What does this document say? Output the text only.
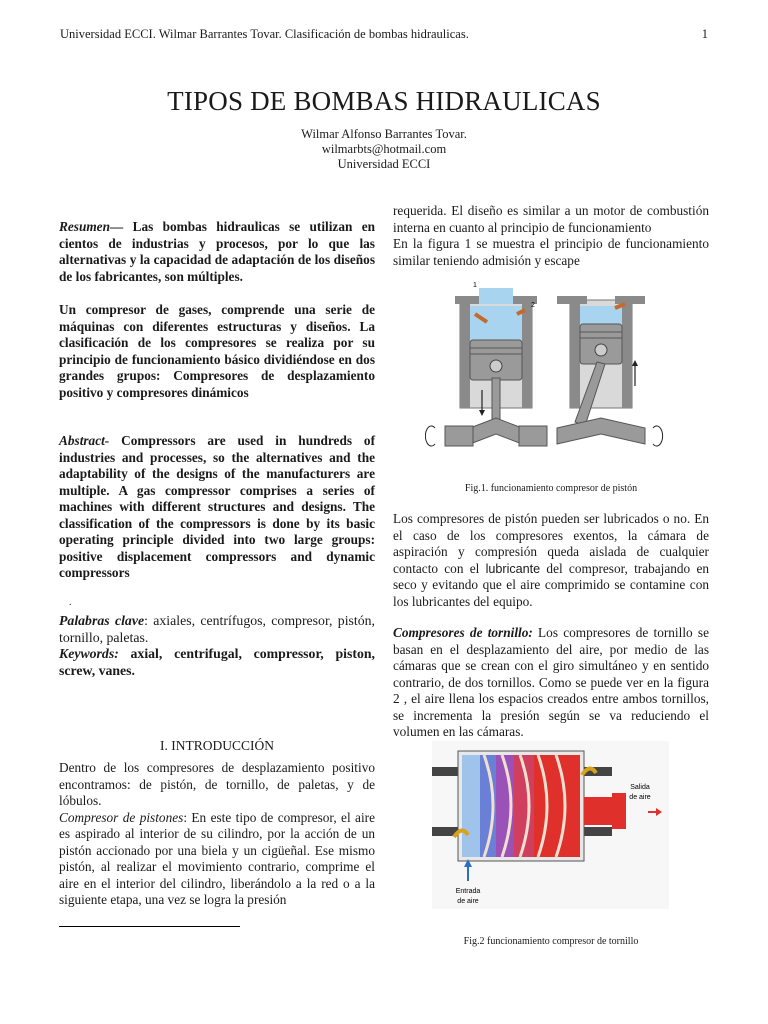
Universidad ECCI. Wilmar Barrantes Tovar. Clasificación de bombas hidraulicas.	1
TIPOS DE BOMBAS HIDRAULICAS
Wilmar Alfonso Barrantes Tovar.
wilmarbts@hotmail.com
Universidad ECCI

Resumen— Las bombas hidraulicas se utilizan en cientos de industrias y procesos, por lo que las alternativas y la capacidad de adaptación de los diseños de los fabricantes, son múltiples.

Un compresor de gases, comprende una serie de máquinas con diferentes estructuras y diseños. La clasificación de los compresores se realiza por su principio de funcionamiento básico dividiéndose en dos grandes grupos: Compresores de desplazamiento positivo y compresores dinámicos

Abstract- Compressors are used in hundreds of industries and processes, so the alternatives and the adaptability of the designs of the manufacturers are multiple. A gas compressor comprises a series of machines with different structures and designs. The classification of the compressors is done by its basic operating principle divided into two large groups: positive displacement compressors and dynamic compressors

.

Palabras clave: axiales, centrífugos, compresor, pistón, tornillo, paletas.

Keywords: axial, centrifugal, compressor, piston, screw, vanes.

I. INTRODUCCIÓN

Dentro de los compresores de desplazamiento positivo encontramos: de pistón, de tornillo, de paletas, y de lóbulos.

Compresor de pistones: En este tipo de compresor, el aire es aspirado al interior de su cilindro, por la acción de un pistón accionado por una biela y un cigüeñal. Ese mismo pistón, al realizar el movimiento contrario, comprime el aire en el interior del cilindro, liberándolo a la red o a la siguiente etapa, una vez se logra la presión

requerida. El diseño es similar a un motor de combustión interna en cuanto al principio de funcionamiento

En la figura 1 se muestra el principio de funcionamiento similar teniendo admisión y escape

1
2
Fig.1. funcionamiento compresor de pistón

Los compresores de pistón pueden ser lubricados o no. En el caso de los compresores exentos, la cámara de aspiración y compresión queda aislada de cualquier contacto con el lubricante del compresor, trabajando en seco y evitando que el aire comprimido se contamine con los lubricantes del equipo.

Compresores de tornillo: Los compresores de tornillo se basan en el desplazamiento del aire, por medio de las cámaras que se crean con el giro simultáneo y en sentido contrario, de dos tornillos. Como se puede ver en la figura 2 , el aire llena los espacios creados entre ambos tornillos, se incrementa la presión según se va reduciendo el volumen en las cámaras.

Salida
de aire
Entrada
de aire
Fig.2 funcionamiento compresor de tornillo
